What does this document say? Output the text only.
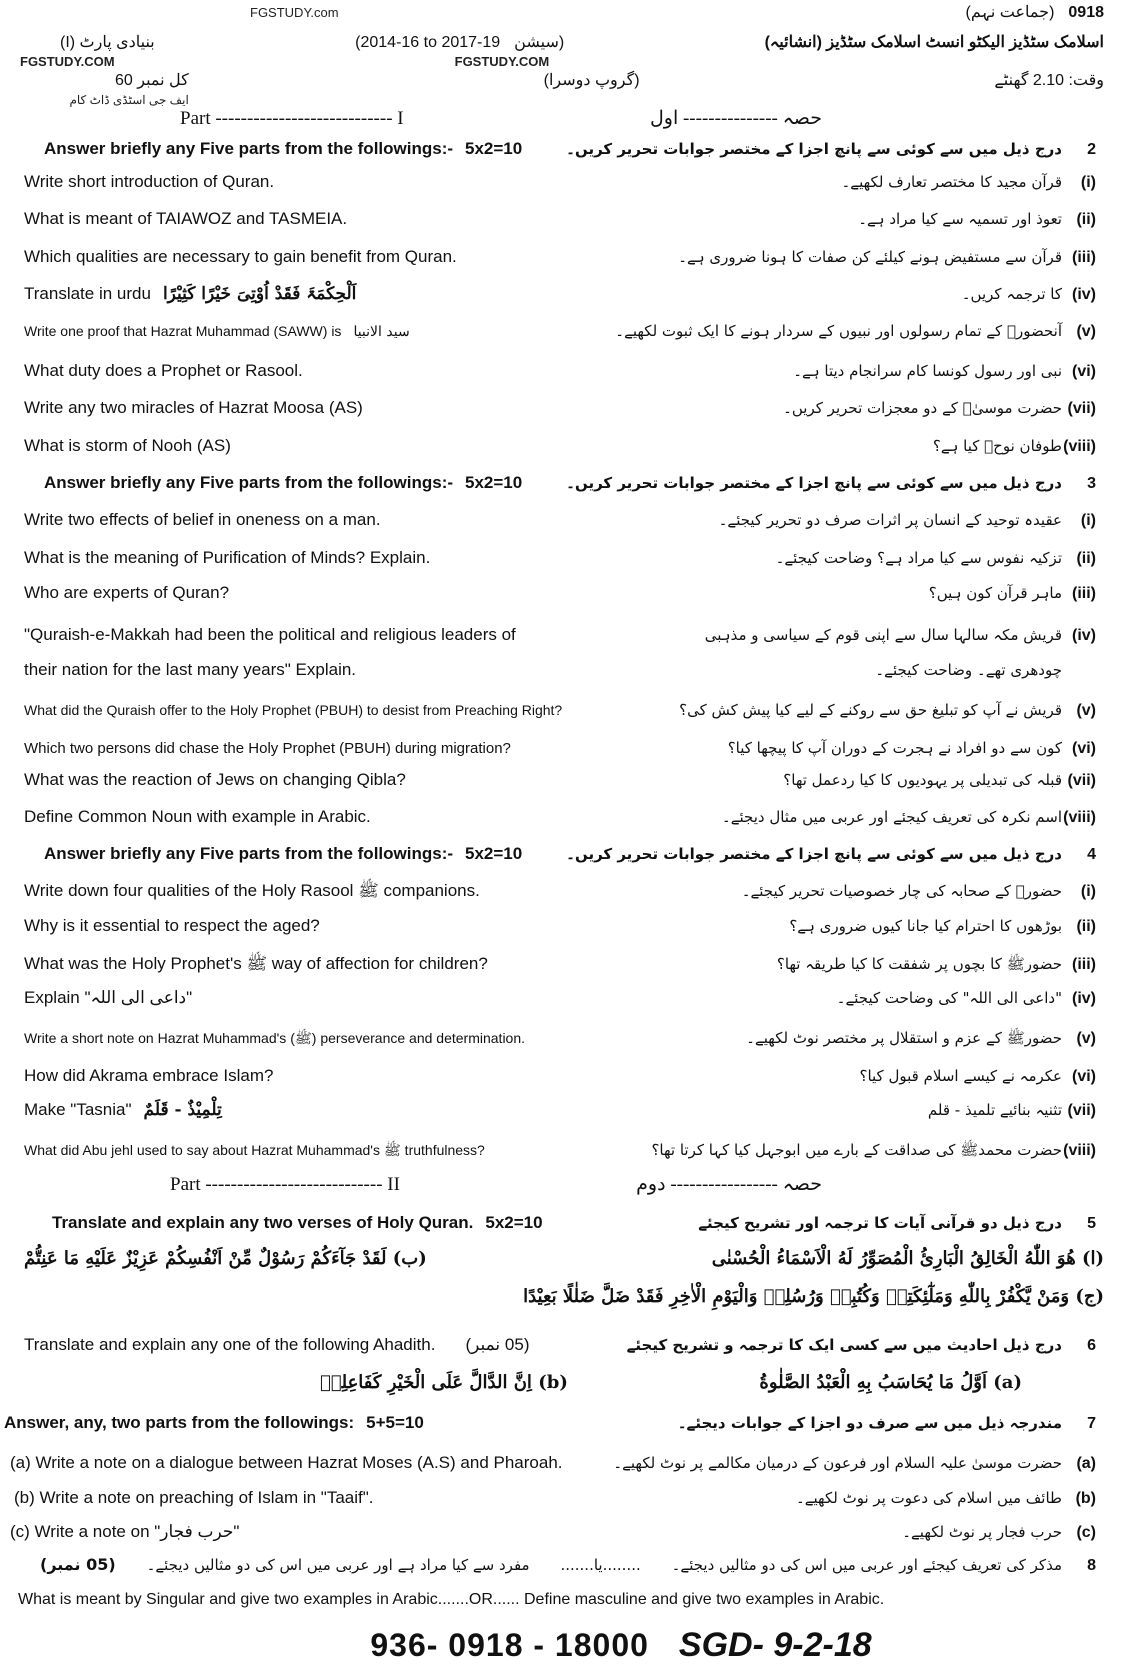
FGSTUDY.com	(جماعت نہم) 0918
بنیادی پارٹ (I)	(2014-16 to 2017-19 (سیشن	اسلامک سٹڈیز الیکٹو انسٹ اسلامک سٹڈیز (انشائیہ)
FGSTUDY.COM	FGSTUDY.COM
کل نمبر 60
ایف جی اسٹڈی ڈاٹ کام
(گروپ دوسرا)	وقت: 2.10 گھنٹے
Part ---------------------------- I	حصہ --------------- اول
Answer briefly any Five parts from the followings:- 5x2=10	2درج ذیل میں سے کوئی سے پانچ اجزا کے مختصر جوابات تحریر کریں۔
Write short introduction of Quran.	(i)قرآن مجید کا مختصر تعارف لکھیے۔
What is meant of TAIAWOZ and TASMEIA.	(ii)تعوذ اور تسمیہ سے کیا مراد ہے۔
Which qualities are necessary to gain benefit from Quran.	(iii)قرآن سے مستفیض ہونے کیلئے کن صفات کا ہونا ضروری ہے۔
Translate in urdu اَلْحِکْمَۃَ فَقَدْ اُوْتِیَ خَیْرًا کَثِیْرًا	(iv)کا ترجمہ کریں۔
Write one proof that Hazrat Muhammad (SAWW) is سید الانبیا	(v)آنحضورؐ کے تمام رسولوں اور نبیوں کے سردار ہونے کا ایک ثبوت لکھیے۔
What duty does a Prophet or Rasool.	(vi)نبی اور رسول کونسا کام سرانجام دیتا ہے۔
Write any two miracles of Hazrat Moosa (AS)	(vii)حضرت موسیٰؑ کے دو معجزات تحریر کریں۔
What is storm of Nooh (AS)	(viii)طوفان نوحؑ کیا ہے؟
Answer briefly any Five parts from the followings:- 5x2=10	3درج ذیل میں سے کوئی سے پانچ اجزا کے مختصر جوابات تحریر کریں۔
Write two effects of belief in oneness on a man.	(i)عقیدہ توحید کے انسان پر اثرات صرف دو تحریر کیجئے۔
What is the meaning of Purification of Minds? Explain.	(ii)تزکیہ نفوس سے کیا مراد ہے؟ وضاحت کیجئے۔
Who are experts of Quran?	(iii)ماہر قرآن کون ہیں؟
"Quraish-e-Makkah had been the political and religious leaders of	(iv)قریش مکہ سالہا سال سے اپنی قوم کے سیاسی و مذہبی
their nation for the last many years" Explain.	چودھری تھے۔ وضاحت کیجئے۔
What did the Quraish offer to the Holy Prophet (PBUH) to desist from Preaching Right?	(v)قریش نے آپ کو تبلیغ حق سے روکنے کے لیے کیا پیش کش کی؟
Which two persons did chase the Holy Prophet (PBUH) during migration?	(vi)کون سے دو افراد نے ہجرت کے دوران آپ کا پیچھا کیا؟
What was the reaction of Jews on changing Qibla?	(vii)قبلہ کی تبدیلی پر یہودیوں کا کیا ردعمل تھا؟
Define Common Noun with example in Arabic.	(viii)اسم نکرہ کی تعریف کیجئے اور عربی میں مثال دیجئے۔
Answer briefly any Five parts from the followings:- 5x2=10	4درج ذیل میں سے کوئی سے پانچ اجزا کے مختصر جوابات تحریر کریں۔
Write down four qualities of the Holy Rasool ﷺ companions.	(i)حضورؐ کے صحابہ کی چار خصوصیات تحریر کیجئے۔
Why is it essential to respect the aged?	(ii)بوڑھوں کا احترام کیا جانا کیوں ضروری ہے؟
What was the Holy Prophet's ﷺ way of affection for children?	(iii)حضورﷺ کا بچوں پر شفقت کا کیا طریقہ تھا؟
Explain "داعی الی اللہ"	(iv)"داعی الی اللہ" کی وضاحت کیجئے۔
Write a short note on Hazrat Muhammad's (ﷺ) perseverance and determination.	(v)حضورﷺ کے عزم و استقلال پر مختصر نوٹ لکھیے۔
How did Akrama embrace Islam?	(vi)عکرمہ نے کیسے اسلام قبول کیا؟
Make "Tasnia" تِلْمِیْذٌ - قَلَمٌ	(vii)تثنیہ بنائیے تلمیذ - قلم
What did Abu jehl used to say about Hazrat Muhammad's ﷺ truthfulness?	(viii)حضرت محمدﷺ کی صداقت کے بارے میں ابوجہل کیا کہا کرتا تھا؟
Part ---------------------------- II	حصہ ----------------- دوم
Translate and explain any two verses of Holy Quran. 5x2=10	5درج ذیل دو قرآنی آیات کا ترجمہ اور تشریح کیجئے
(ا) هُوَ اللّٰهُ الْخَالِقُ الْبَارِئُ الْمُصَوِّرُ لَهُ الْاَسْمَاءُ الْحُسْنٰی
(ب) لَقَدْ جَآءَکُمْ رَسُوْلٌ مِّنْ اَنْفُسِکُمْ عَزِیْزٌ عَلَیْهِ مَا عَنِتُّمْ
(ج) وَمَنْ یَّکْفُرْ بِاللّٰهِ وَمَلٰٓئِکَتِهٖ وَکُتُبِهٖ وَرُسُلِهٖ وَالْیَوْمِ الْاٰخِرِ فَقَدْ ضَلَّ ضَلٰلًا بَعِیْدًا
Translate and explain any one of the following Ahadith. (05 نمبر)	6درج ذیل احادیث میں سے کسی ایک کا ترجمہ و تشریح کیجئے
(a) اَوَّلُ مَا یُحَاسَبُ بِهِ الْعَبْدُ الصَّلٰوةُ
(b) اِنَّ الدَّالَّ عَلَی الْخَیْرِ کَفَاعِلِهٖ
Answer, any, two parts from the followings: 5+5=10	7مندرجہ ذیل میں سے صرف دو اجزا کے جوابات دیجئے۔
(a) Write a note on a dialogue between Hazrat Moses (A.S) and Pharoah.	(a)حضرت موسیٰ علیہ السلام اور فرعون کے درمیان مکالمے پر نوٹ لکھیے۔
(b) Write a note on preaching of Islam in "Taaif".	(b)طائف میں اسلام کی دعوت پر نوٹ لکھیے۔
(c) Write a note on "حرب فجار"	(c)حرب فجار پر نوٹ لکھیے۔
(05 نمبر) مفرد سے کیا مراد ہے اور عربی میں اس کی دو مثالیں دیجئے۔ ........یا.......	8مذکر کی تعریف کیجئے اور عربی میں اس کی دو مثالیں دیجئے۔
What is meant by Singular and give two examples in Arabic.......OR...... Define masculine and give two examples in Arabic.
936- 0918 - 18000 SGD- 9-2-18
